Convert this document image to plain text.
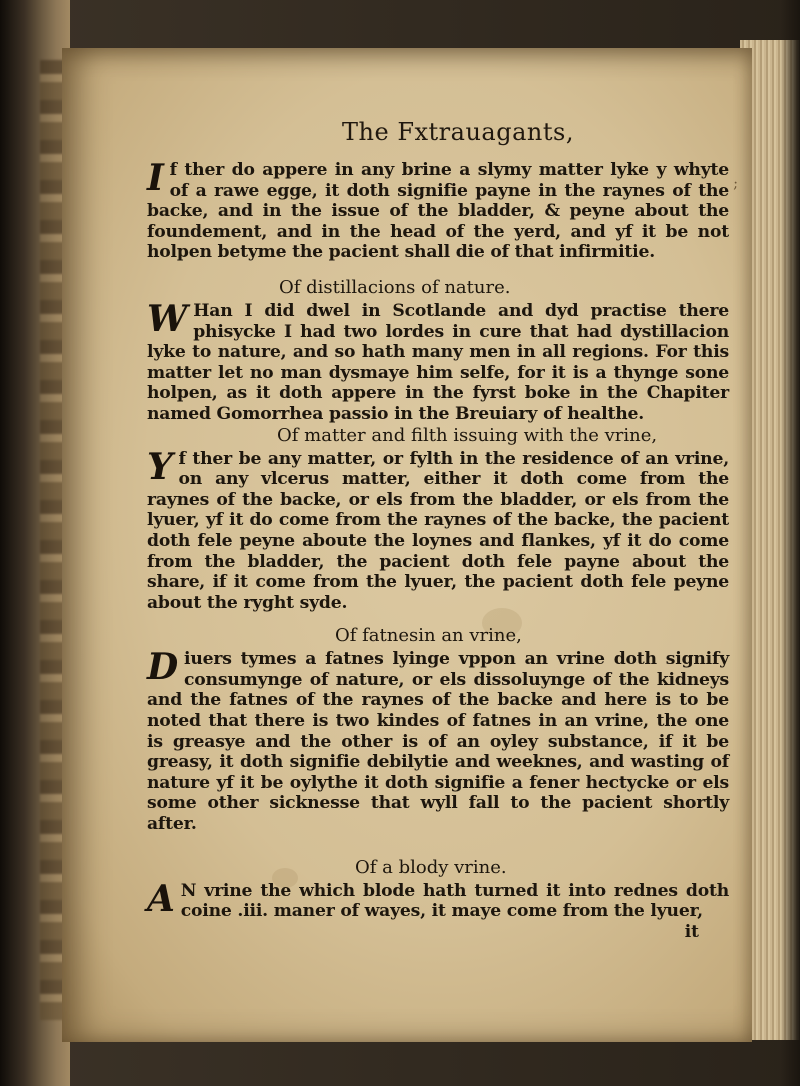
;
The Fxtrauagants,

If ther do appere in any brine a slymy matter lyke y whyte of a rawe egge, it doth signifie payne in the raynes of the backe, and in the issue of the bladder, & peyne about the foundement, and in the head of the yerd, and yf it be not holpen betyme the pacient shall die of that infirmitie.

Of distillacions of nature.

W Han I did dwel in Scotlande and dyd practise there phisycke I had two lordes in cure that had dystillacion lyke to nature, and so hath many men in all regions. For this matter let no man dysmaye him selfe, for it is a thynge sone holpen, as it doth appere in the fyrst boke in the Chapiter named Gomorrhea passio in the Breuiary of healthe.

Of matter and filth issuing with the vrine,

Yf ther be any matter, or fylth in the residence of an vrine, on any vlcerus matter, either it doth come from the raynes of the backe, or els from the bladder, or els from the lyuer, yf it do come from the raynes of the backe, the pacient doth fele peyne aboute the loynes and flankes, yf it do come from the bladder, the pacient doth fele payne about the share, if it come from the lyuer, the pacient doth fele peyne about the ryght syde.

Of fatnesin an vrine,

Diuers tymes a fatnes lyinge vppon an vrine doth signify consumynge of nature, or els dissoluynge of the kidneys and the fatnes of the raynes of the backe and here is to be noted that there is two kindes of fatnes in an vrine, the one is greasye and the other is of an oyley substance, if it be greasy, it doth signifie debilytie and weeknes, and wasting of nature yf it be oylythe it doth signifie a fener hectycke or els some other sicknesse that wyll fall to the pacient shortly after.

Of a blody vrine.

A N vrine the which blode hath turned it into rednes doth coine .iii. maner of wayes, it maye come from the lyuer,

it
